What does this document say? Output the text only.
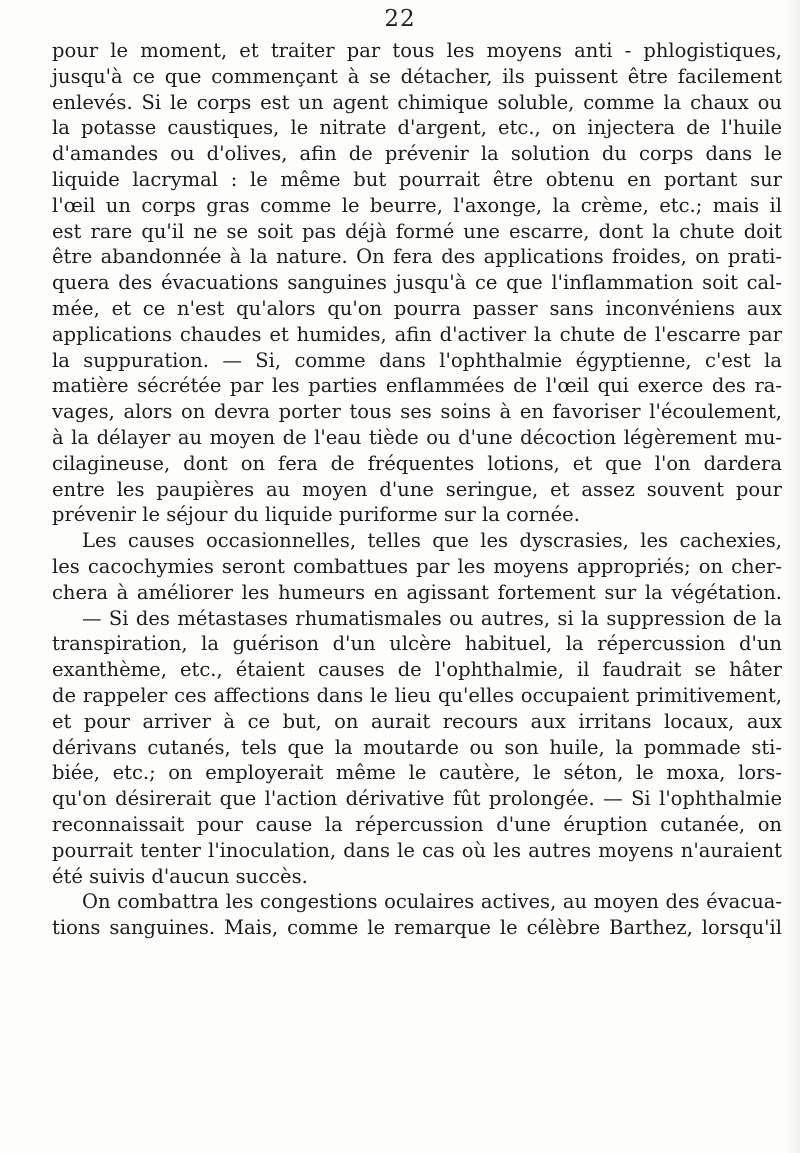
22
pour le moment, et traiter par tous les moyens anti - phlogistiques,
jusqu'à ce que commençant à se détacher, ils puissent être facilement
enlevés. Si le corps est un agent chimique soluble, comme la chaux ou
la potasse caustiques, le nitrate d'argent, etc., on injectera de l'huile
d'amandes ou d'olives, afin de prévenir la solution du corps dans le
liquide lacrymal : le même but pourrait être obtenu en portant sur
l'œil un corps gras comme le beurre, l'axonge, la crème, etc.; mais il
est rare qu'il ne se soit pas déjà formé une escarre, dont la chute doit
être abandonnée à la nature. On fera des applications froides, on prati-
quera des évacuations sanguines jusqu'à ce que l'inflammation soit cal-
mée, et ce n'est qu'alors qu'on pourra passer sans inconvéniens aux
applications chaudes et humides, afin d'activer la chute de l'escarre par
la suppuration. — Si, comme dans l'ophthalmie égyptienne, c'est la
matière sécrétée par les parties enflammées de l'œil qui exerce des ra-
vages, alors on devra porter tous ses soins à en favoriser l'écoulement,
à la délayer au moyen de l'eau tiède ou d'une décoction légèrement mu-
cilagineuse, dont on fera de fréquentes lotions, et que l'on dardera
entre les paupières au moyen d'une seringue, et assez souvent pour
prévenir le séjour du liquide puriforme sur la cornée.
Les causes occasionnelles, telles que les dyscrasies, les cachexies,
les cacochymies seront combattues par les moyens appropriés; on cher-
chera à améliorer les humeurs en agissant fortement sur la végétation.
— Si des métastases rhumatismales ou autres, si la suppression de la
transpiration, la guérison d'un ulcère habituel, la répercussion d'un
exanthème, etc., étaient causes de l'ophthalmie, il faudrait se hâter
de rappeler ces affections dans le lieu qu'elles occupaient primitivement,
et pour arriver à ce but, on aurait recours aux irritans locaux, aux
dérivans cutanés, tels que la moutarde ou son huile, la pommade sti-
biée, etc.; on employerait même le cautère, le séton, le moxa, lors-
qu'on désirerait que l'action dérivative fût prolongée. — Si l'ophthalmie
reconnaissait pour cause la répercussion d'une éruption cutanée, on
pourrait tenter l'inoculation, dans le cas où les autres moyens n'auraient
été suivis d'aucun succès.
On combattra les congestions oculaires actives, au moyen des évacua-
tions sanguines. Mais, comme le remarque le célèbre Barthez, lorsqu'il
